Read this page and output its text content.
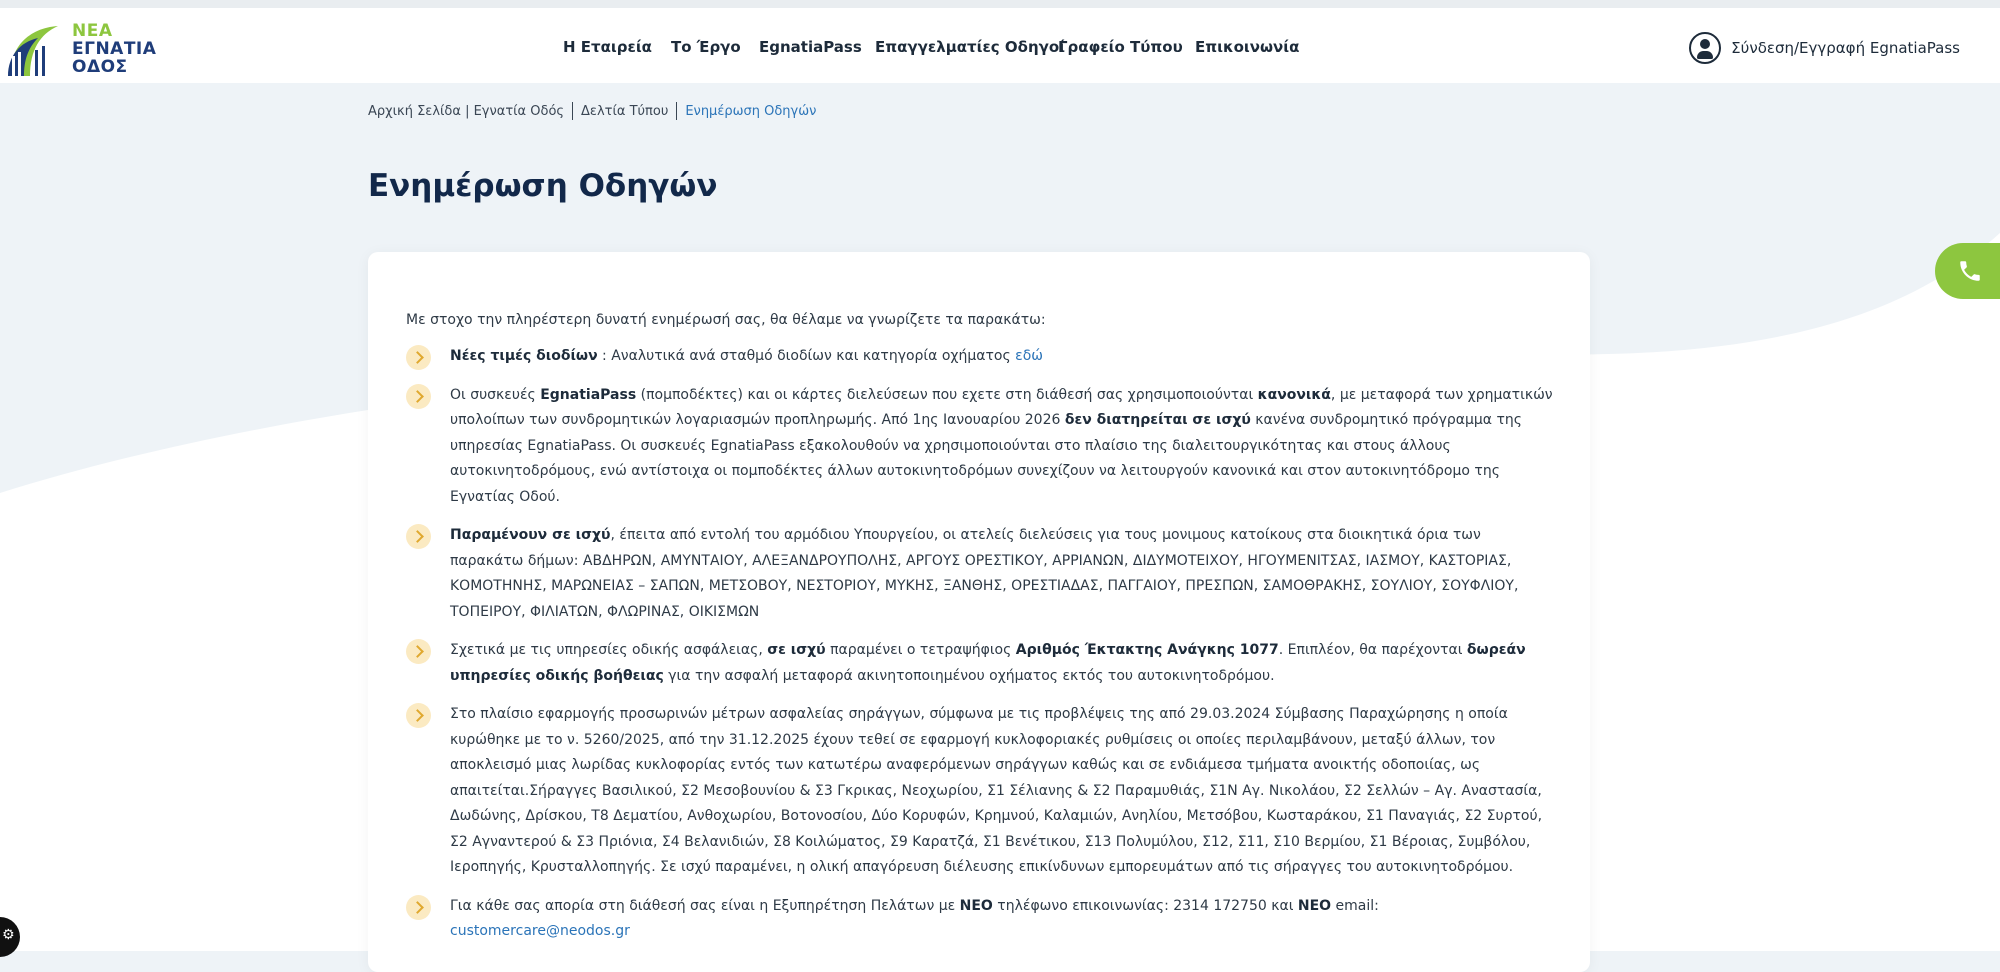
ΝΕΑ
ΕΓΝΑΤΙΑ
ΟΔΟΣ
Η Εταιρεία Το Έργο EgnatiaPass Επαγγελματίες Οδηγοί
Γραφείο Τύπου Επικοινωνία	Σύνδεση/Εγγραφή EgnatiaPass
Αρχική Σελίδα | Εγνατία Οδός Δελτία Τύπου Ενημέρωση Οδηγών
Ενημέρωση Οδηγών
Με στοχο την πληρέστερη δυνατή ενημέρωσή σας, θα θέλαμε να γνωρίζετε τα παρακάτω:
Νέες τιμές διοδίων : Αναλυτικά ανά σταθμό διοδίων και κατηγορία οχήματος εδώ
Οι συσκευές EgnatiaPass (πομποδέκτες) και οι κάρτες διελεύσεων που εχετε στη διάθεσή σας χρησιμοποιούνται κανονικά, με μεταφορά των χρηματικών υπολοίπων των συνδρομητικών λογαριασμών προπληρωμής. Από 1ης Ιανουαρίου 2026 δεν διατηρείται σε ισχύ κανένα συνδρομητικό πρόγραμμα της υπηρεσίας EgnatiaPass. Οι συσκευές EgnatiaPass εξακολουθούν να χρησιμοποιούνται στο πλαίσιο της διαλειτουργικότητας και στους άλλους αυτοκινητοδρόμους, ενώ αντίστοιχα οι πομποδέκτες άλλων αυτοκινητοδρόμων συνεχίζουν να λειτουργούν κανονικά και στον αυτοκινητόδρομο της Εγνατίας Οδού.
Παραμένουν σε ισχύ, έπειτα από εντολή του αρμόδιου Υπουργείου, οι ατελείς διελεύσεις για τους μονιμους κατοίκους στα διοικητικά όρια των παρακάτω δήμων: ΑΒΔΗΡΩΝ, ΑΜΥΝΤΑΙΟΥ, ΑΛΕΞΑΝΔΡΟΥΠΟΛΗΣ, ΑΡΓΟΥΣ ΟΡΕΣΤΙΚΟΥ, ΑΡΡΙΑΝΩΝ, ΔΙΔΥΜΟΤΕΙΧΟΥ, ΗΓΟΥΜΕΝΙΤΣΑΣ, ΙΑΣΜΟΥ, ΚΑΣΤΟΡΙΑΣ, ΚΟΜΟΤΗΝΗΣ, ΜΑΡΩΝΕΙΑΣ – ΣΑΠΩΝ, ΜΕΤΣΟΒΟΥ, ΝΕΣΤΟΡΙΟΥ, ΜΥΚΗΣ, ΞΑΝΘΗΣ, ΟΡΕΣΤΙΑΔΑΣ, ΠΑΓΓΑΙΟΥ, ΠΡΕΣΠΩΝ, ΣΑΜΟΘΡΑΚΗΣ, ΣΟΥΛΙΟΥ, ΣΟΥΦΛΙΟΥ, ΤΟΠΕΙΡΟΥ, ΦΙΛΙΑΤΩΝ, ΦΛΩΡΙΝΑΣ, ΟΙΚΙΣΜΩΝ
Σχετικά με τις υπηρεσίες οδικής ασφάλειας, σε ισχύ παραμένει ο τετραψήφιος Αριθμός Έκτακτης Ανάγκης 1077. Επιπλέον, θα παρέχονται δωρεάν υπηρεσίες οδικής βοήθειας για την ασφαλή μεταφορά ακινητοποιημένου οχήματος εκτός του αυτοκινητοδρόμου.
Στο πλαίσιο εφαρμογής προσωρινών μέτρων ασφαλείας σηράγγων, σύμφωνα με τις προβλέψεις της από 29.03.2024 Σύμβασης Παραχώρησης η οποία κυρώθηκε με το ν. 5260/2025, από την 31.12.2025 έχουν τεθεί σε εφαρμογή κυκλοφοριακές ρυθμίσεις οι οποίες περιλαμβάνουν, μεταξύ άλλων, τον αποκλεισμό μιας λωρίδας κυκλοφορίας εντός των κατωτέρω αναφερόμενων σηράγγων καθώς και σε ενδιάμεσα τμήματα ανοικτής οδοποιίας, ως απαιτείται.Σήραγγες Βασιλικού, Σ2 Μεσοβουνίου & Σ3 Γκρικας, Νεοχωρίου, Σ1 Σέλιανης & Σ2 Παραμυθιάς, Σ1Ν Αγ. Νικολάου, Σ2 Σελλών – Αγ. Αναστασία, Δωδώνης, Δρίσκου, Τ8 Δεματίου, Ανθοχωρίου, Βοτονοσίου, Δύο Κορυφών, Κρημνού, Καλαμιών, Ανηλίου, Μετσόβου, Κωσταράκου, Σ1 Παναγιάς, Σ2 Συρτού, Σ2 Αγναντερού & Σ3 Πριόνια, Σ4 Βελανιδιών, Σ8 Κοιλώματος, Σ9 Καρατζά, Σ1 Βενέτικου, Σ13 Πολυμύλου, Σ12, Σ11, Σ10 Βερμίου, Σ1 Βέροιας, Συμβόλου, Ιεροπηγής, Κρυσταλλοπηγής. Σε ισχύ παραμένει, η ολική απαγόρευση διέλευσης επικίνδυνων εμπορευμάτων από τις σήραγγες του αυτοκινητοδρόμου.
Για κάθε σας απορία στη διάθεσή σας είναι η Εξυπηρέτηση Πελάτων με ΝΕΟ τηλέφωνο επικοινωνίας: 2314 172750 και ΝΕΟ email: customercare@neodos.gr
⚙
